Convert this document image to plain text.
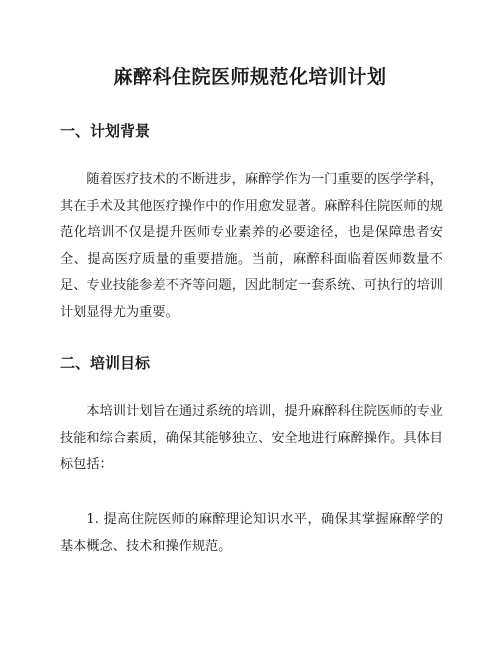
麻醉科住院医师规范化培训计划
一、计划背景

随着医疗技术的不断进步，麻醉学作为一门重要的医学学科，其在手术及其他医疗操作中的作用愈发显著。麻醉科住院医师的规范化培训不仅是提升医师专业素养的必要途径，也是保障患者安全、提高医疗质量的重要措施。当前，麻醉科面临着医师数量不足、专业技能参差不齐等问题，因此制定一套系统、可执行的培训计划显得尤为重要。

二、培训目标

本培训计划旨在通过系统的培训，提升麻醉科住院医师的专业技能和综合素质，确保其能够独立、安全地进行麻醉操作。具体目标包括：

1. 提高住院医师的麻醉理论知识水平，确保其掌握麻醉学的基本概念、技术和操作规范。
